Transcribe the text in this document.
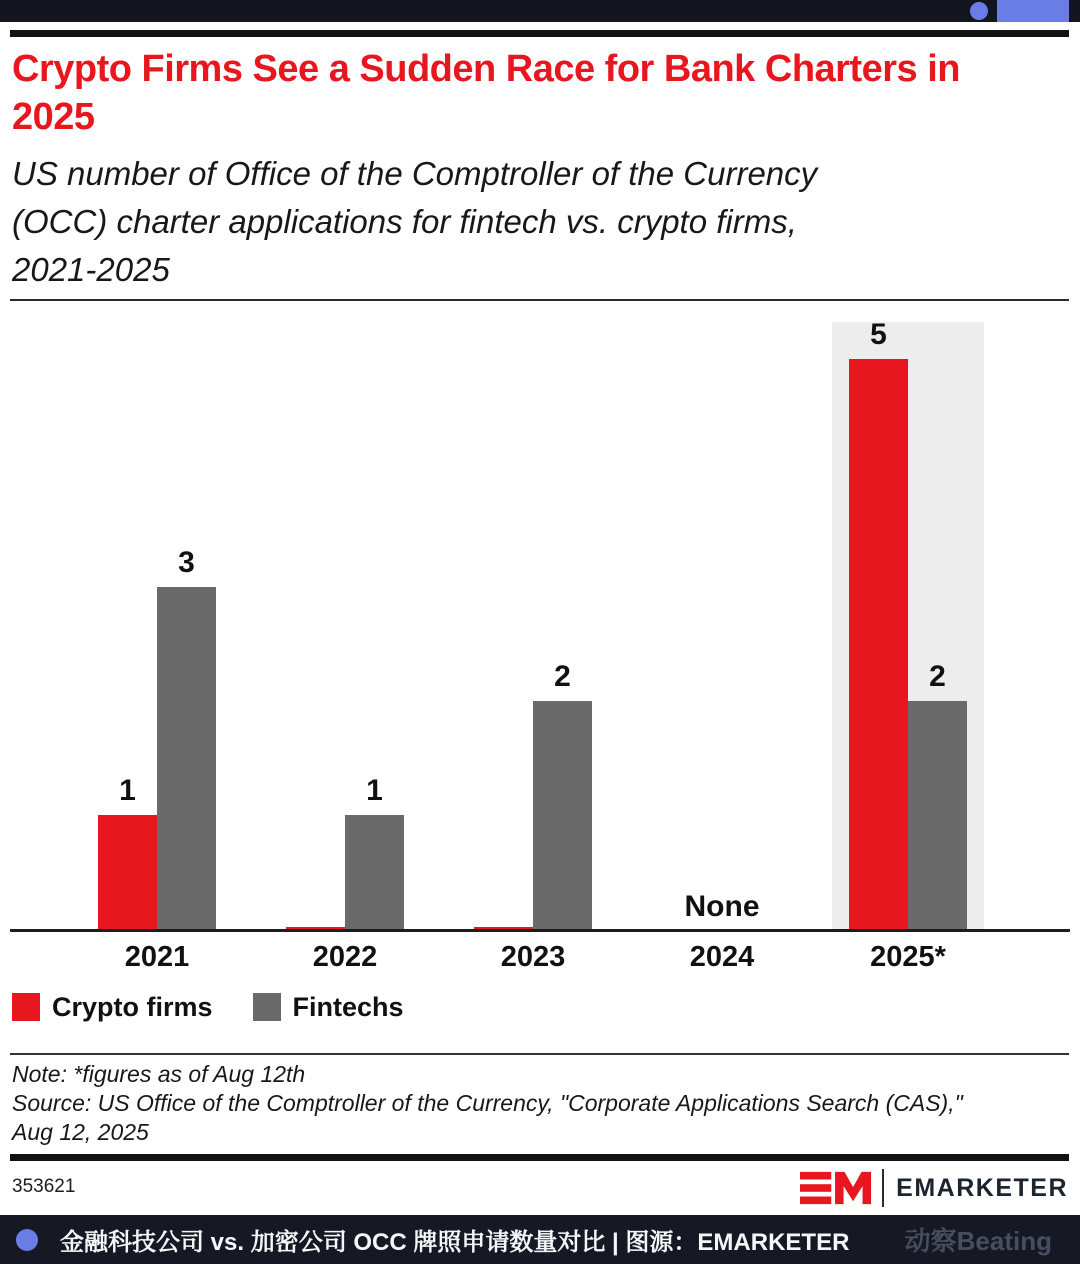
Crypto Firms See a Sudden Race for Bank Charters in 2025

US number of Office of the Comptroller of the Currency (OCC) charter applications for fintech vs. crypto firms, 2021-2025

1
3
2021
1
2022
2
2023
None
2024
5
2
2025*
Crypto firms	Fintechs

Note: *figures as of Aug 12th

Source: US Office of the Comptroller of the Currency, "Corporate Applications Search (CAS)," Aug 12, 2025

353621	EMARKETER
金融科技公司 vs. 加密公司 OCC 牌照申请数量对比 | 图源：EMARKETER 动察Beating
